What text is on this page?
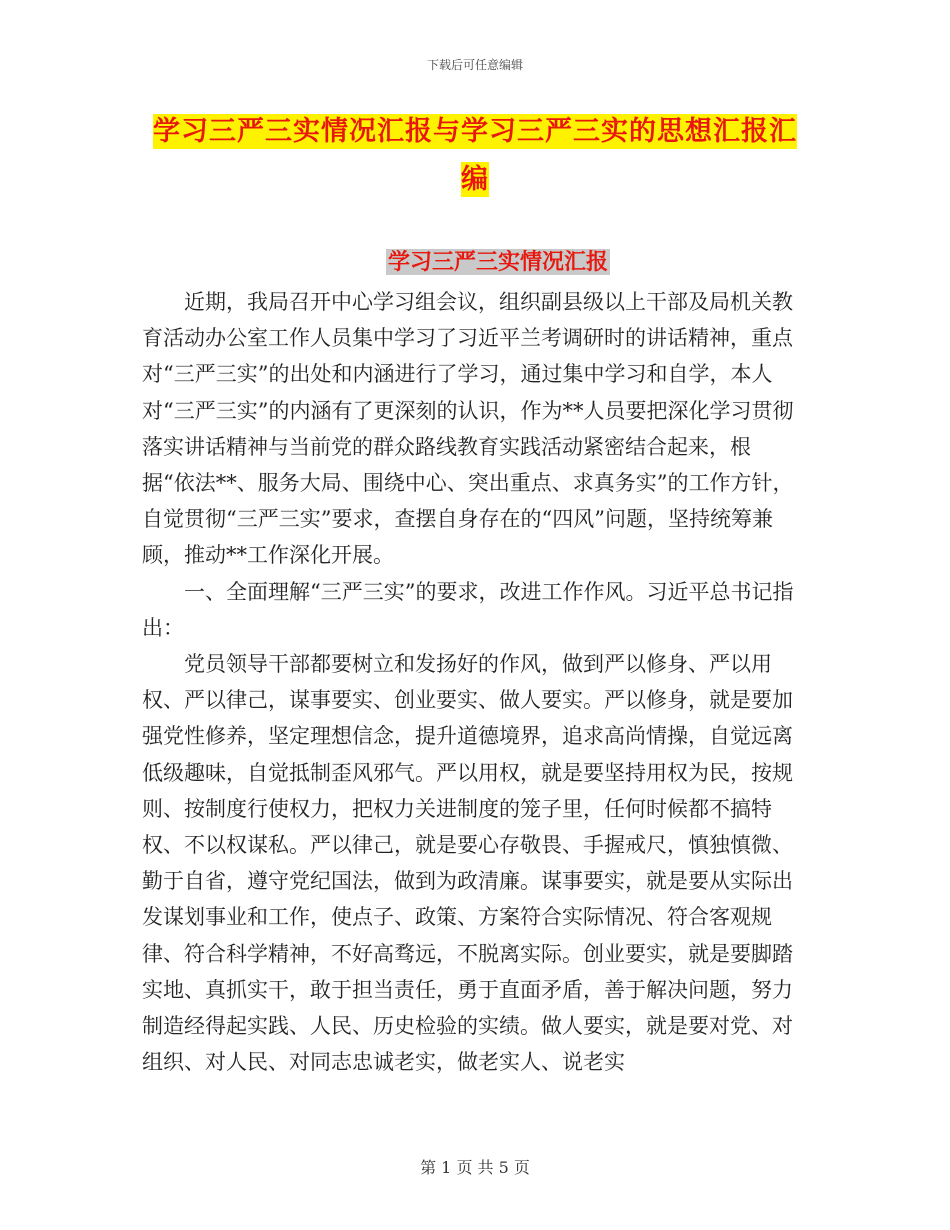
下载后可任意编辑
学习三严三实情况汇报与学习三严三实的思想汇报汇编
学习三严三实情况汇报

近期，我局召开中心学习组会议，组织副县级以上干部及局机关教育活动办公室工作人员集中学习了习近平兰考调研时的讲话精神，重点对“三严三实”的出处和内涵进行了学习，通过集中学习和自学，本人对“三严三实”的内涵有了更深刻的认识，作为**人员要把深化学习贯彻落实讲话精神与当前党的群众路线教育实践活动紧密结合起来，根据“依法**、服务大局、围绕中心、突出重点、求真务实”的工作方针，自觉贯彻“三严三实”要求，查摆自身存在的“四风”问题，坚持统筹兼顾，推动**工作深化开展。

一、全面理解“三严三实”的要求，改进工作作风。习近平总书记指出：

党员领导干部都要树立和发扬好的作风，做到严以修身、严以用权、严以律己，谋事要实、创业要实、做人要实。严以修身，就是要加强党性修养，坚定理想信念，提升道德境界，追求高尚情操，自觉远离低级趣味，自觉抵制歪风邪气。严以用权，就是要坚持用权为民，按规则、按制度行使权力，把权力关进制度的笼子里，任何时候都不搞特权、不以权谋私。严以律己，就是要心存敬畏、手握戒尺，慎独慎微、勤于自省，遵守党纪国法，做到为政清廉。谋事要实，就是要从实际出发谋划事业和工作，使点子、政策、方案符合实际情况、符合客观规律、符合科学精神，不好高骛远，不脱离实际。创业要实，就是要脚踏实地、真抓实干，敢于担当责任，勇于直面矛盾，善于解决问题，努力制造经得起实践、人民、历史检验的实绩。做人要实，就是要对党、对组织、对人民、对同志忠诚老实，做老实人、说老实

第 1 页 共 5 页
